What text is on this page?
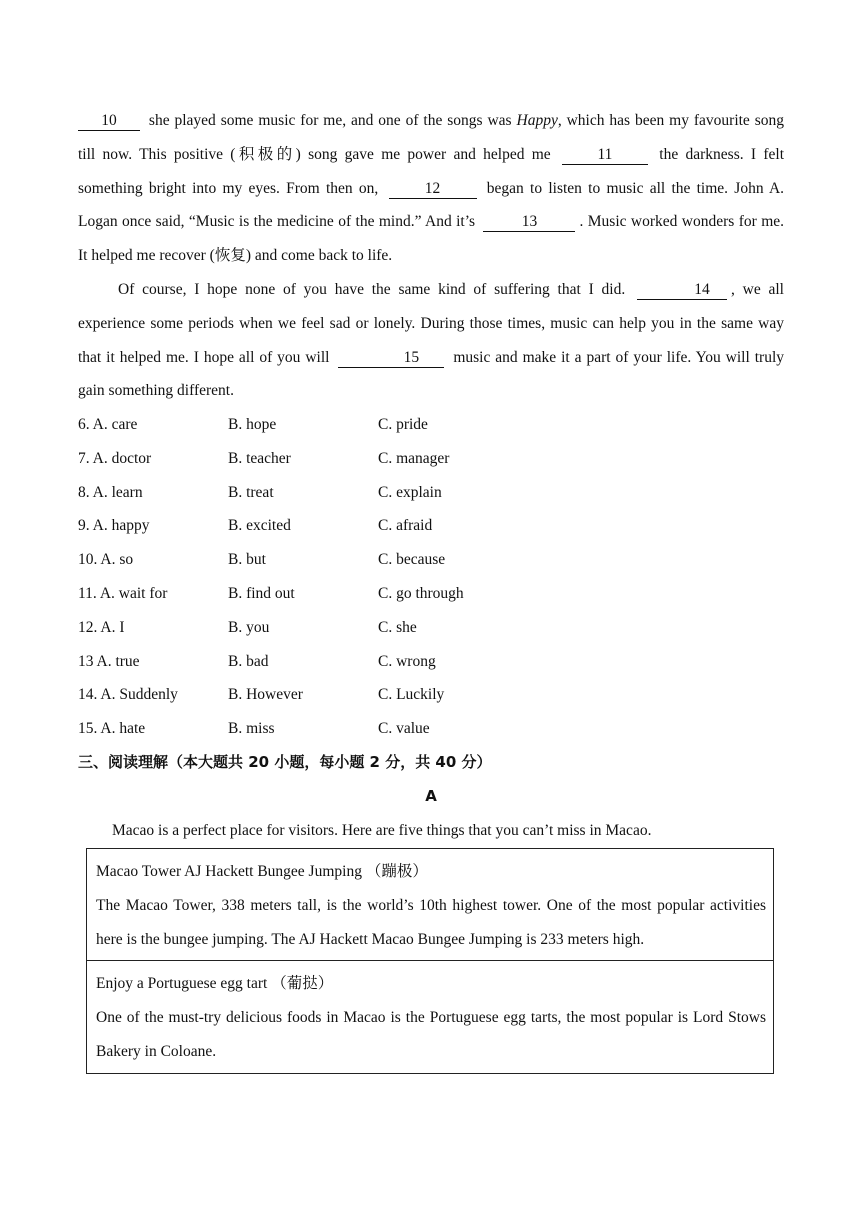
10 she played some music for me, and one of the songs was Happy, which has been my favourite song till now. This positive (积极的) song gave me power and helped me	11	the darkness. I felt something bright into my eyes. From then on,	12	began to listen to music all the time. John A. Logan once said, “Music is the medicine of the mind.” And it’s	13	. Music worked wonders for me. It helped me recover (恢复) and come back to life.

Of course, I hope none of you have the same kind of suffering that I did.	14 , we all experience some periods when we feel sad or lonely. During those times, music can help you in the same way that it helped me. I hope all of you will	15 music and make it a part of your life. You will truly gain something different.

6. A. care	B. hope	C. pride
7. A. doctor	B. teacher	C. manager
8. A. learn	B. treat	C. explain
9. A. happy	B. excited	C. afraid
10. A. so	B. but	C. because
11. A. wait for	B. find out	C. go through
12. A. I	B. you	C. she
13 A. true	B. bad	C. wrong
14. A. Suddenly	B. However	C. Luckily
15. A. hate	B. miss	C. value
三、阅读理解（本大题共 20 小题，每小题 2 分，共 40 分）
A
Macao is a perfect place for visitors. Here are five things that you can’t miss in Macao.
Macao Tower AJ Hackett Bungee Jumping （蹦极）
The Macao Tower, 338 meters tall, is the world’s 10th highest tower. One of the most popular activities here is the bungee jumping. The AJ Hackett Macao Bungee Jumping is 233 meters high.
Enjoy a Portuguese egg tart （葡挞）
One of the must-try delicious foods in Macao is the Portuguese egg tarts, the most popular is Lord Stows Bakery in Coloane.
